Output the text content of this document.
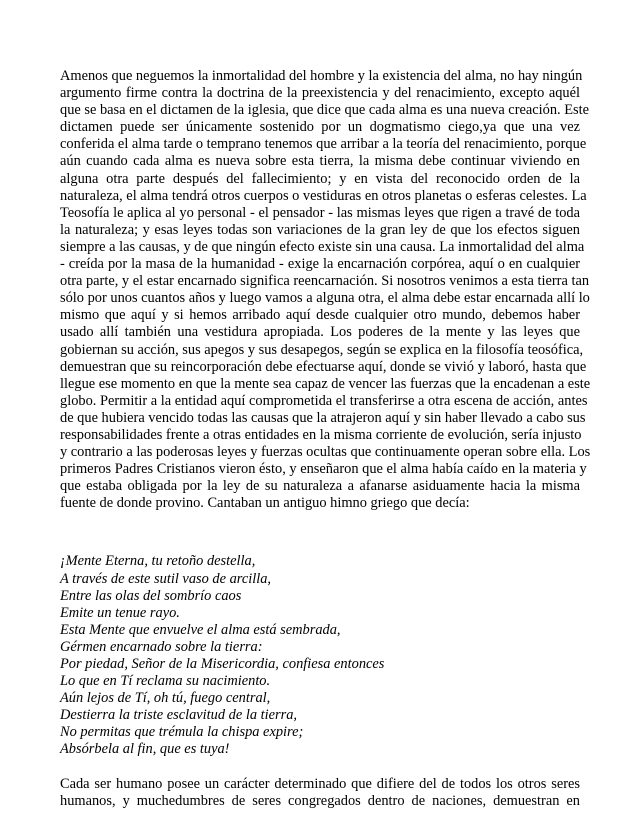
Amenos que neguemos la inmortalidad del hombre y la existencia del alma, no hay ningún
argumento firme contra la doctrina de la preexistencia y del renacimiento, excepto aquél
que se basa en el dictamen de la iglesia, que dice que cada alma es una nueva creación. Este
dictamen puede ser únicamente sostenido por un dogmatismo ciego,ya que una vez
conferida el alma tarde o temprano tenemos que arribar a la teoría del renacimiento, porque
aún cuando cada alma es nueva sobre esta tierra, la misma debe continuar viviendo en
alguna otra parte después del fallecimiento; y en vista del reconocido orden de la
naturaleza, el alma tendrá otros cuerpos o vestiduras en otros planetas o esferas celestes. La
Teosofía le aplica al yo personal - el pensador - las mismas leyes que rigen a travé de toda
la naturaleza; y esas leyes todas son variaciones de la gran ley de que los efectos siguen
siempre a las causas, y de que ningún efecto existe sin una causa. La inmortalidad del alma
- creída por la masa de la humanidad - exige la encarnación corpórea, aquí o en cualquier
otra parte, y el estar encarnado significa reencarnación. Si nosotros venimos a esta tierra tan
sólo por unos cuantos años y luego vamos a alguna otra, el alma debe estar encarnada allí lo
mismo que aquí y si hemos arribado aquí desde cualquier otro mundo, debemos haber
usado allí también una vestidura apropiada. Los poderes de la mente y las leyes que
gobiernan su acción, sus apegos y sus desapegos, según se explica en la filosofía teosófica,
demuestran que su reincorporación debe efectuarse aquí, donde se vivió y laboró, hasta que
llegue ese momento en que la mente sea capaz de vencer las fuerzas que la encadenan a este
globo. Permitir a la entidad aquí comprometida el transferirse a otra escena de acción, antes
de que hubiera vencido todas las causas que la atrajeron aquí y sin haber llevado a cabo sus
responsabilidades frente a otras entidades en la misma corriente de evolución, sería injusto
y contrario a las poderosas leyes y fuerzas ocultas que continuamente operan sobre ella. Los
primeros Padres Cristianos vieron ésto, y enseñaron que el alma había caído en la materia y
que estaba obligada por la ley de su naturaleza a afanarse asiduamente hacia la misma
fuente de donde provino. Cantaban un antiguo himno griego que decía:
¡Mente Eterna, tu retoño destella,
A través de este sutil vaso de arcilla,
Entre las olas del sombrío caos
Emite un tenue rayo.
Esta Mente que envuelve el alma está sembrada,
Gérmen encarnado sobre la tierra:
Por piedad, Señor de la Misericordia, confiesa entonces
Lo que en Tí reclama su nacimiento.
Aún lejos de Tí, oh tú, fuego central,
Destierra la triste esclavitud de la tierra,
No permitas que trémula la chispa expire;
Absórbela al fin, que es tuya!
Cada ser humano posee un carácter determinado que difiere del de todos los otros seres
humanos, y muchedumbres de seres congregados dentro de naciones, demuestran en
